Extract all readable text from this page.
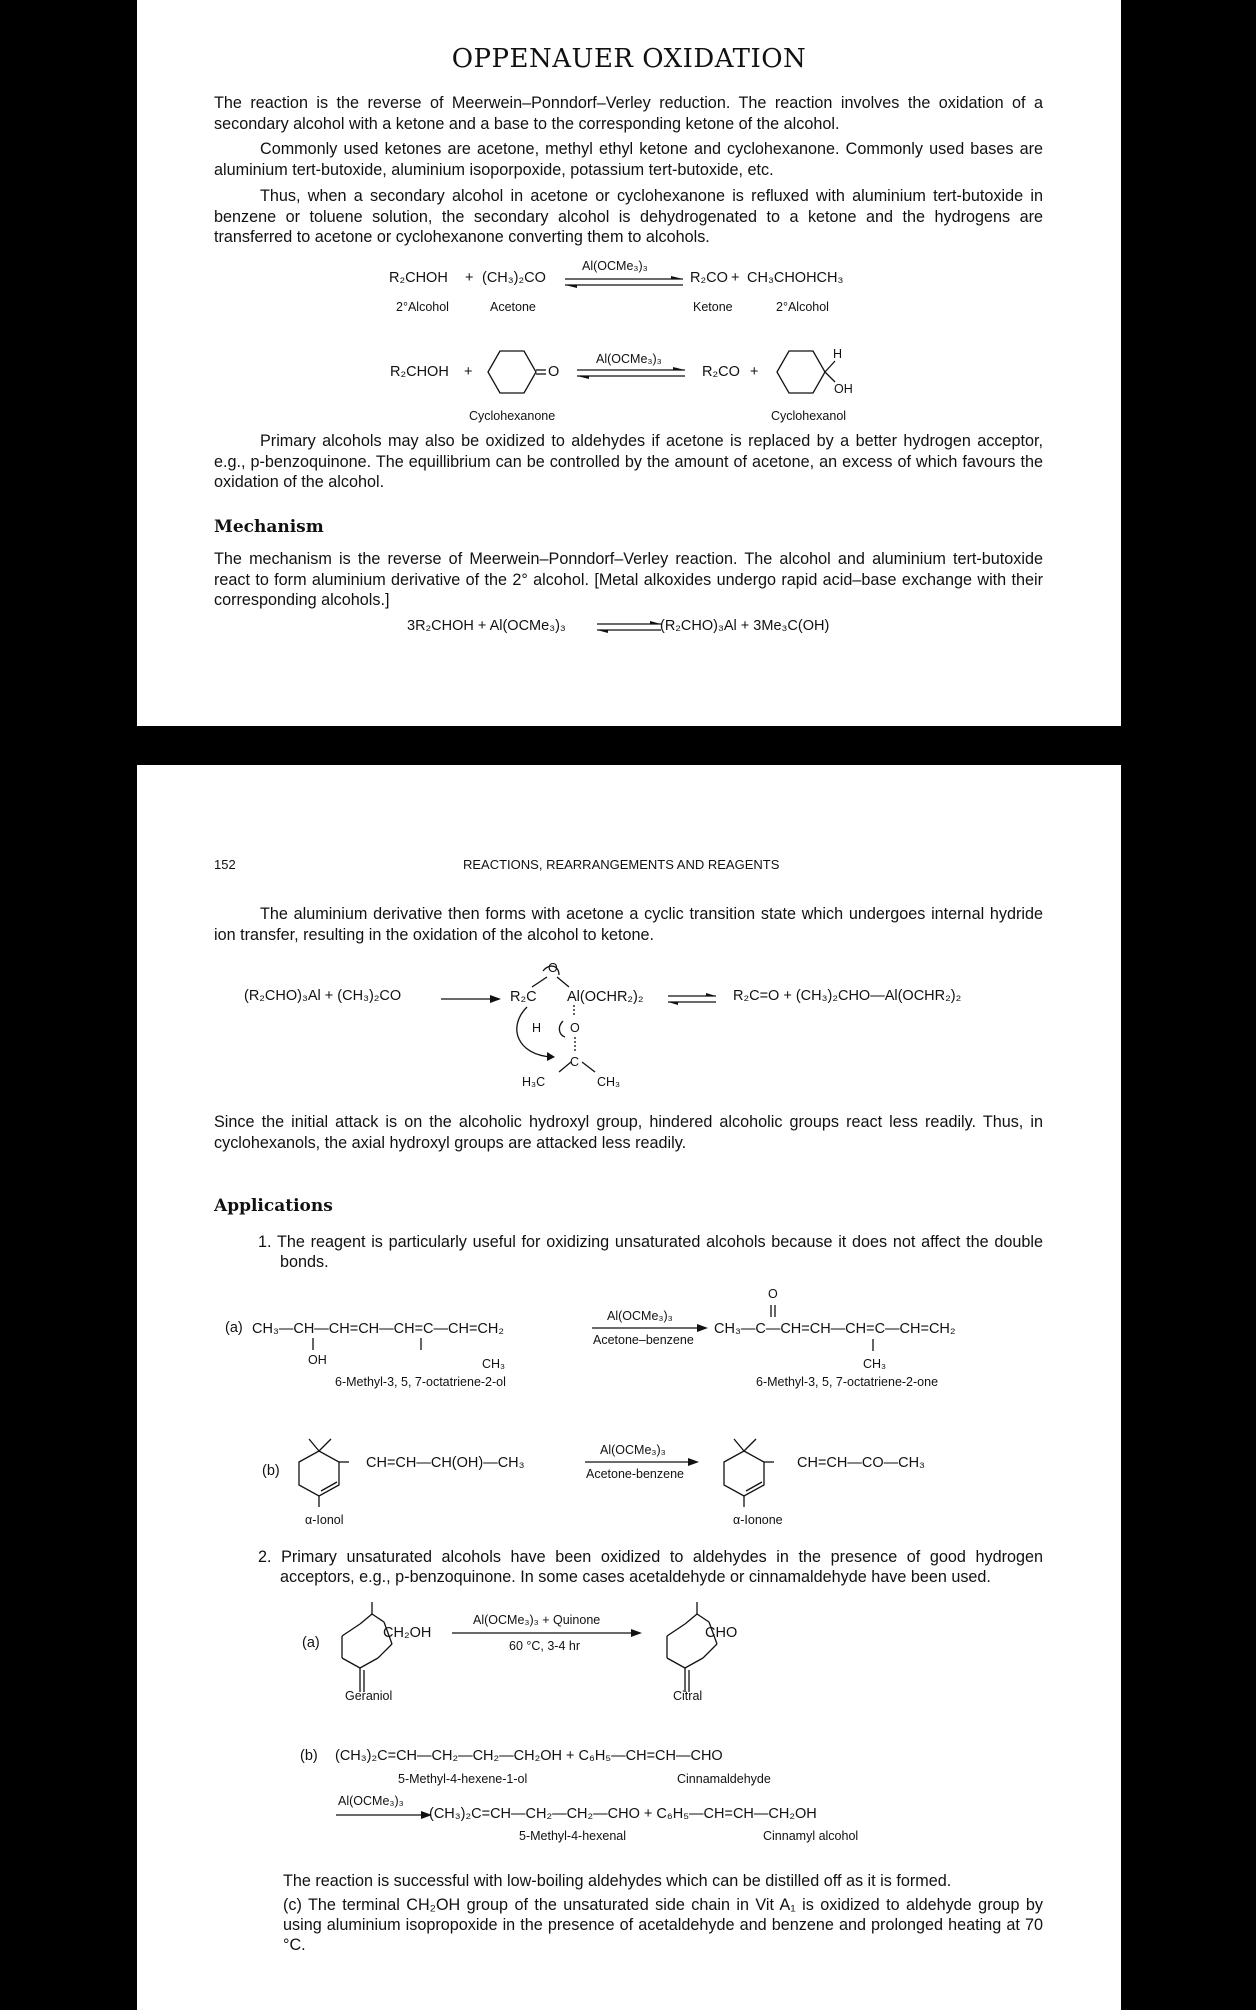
OPPENAUER OXIDATION
The reaction is the reverse of Meerwein–Ponndorf–Verley reduction. The reaction involves the oxidation of a secondary alcohol with a ketone and a base to the corresponding ketone of the alcohol.
Commonly used ketones are acetone, methyl ethyl ketone and cyclohexanone. Commonly used bases are aluminium tert-butoxide, aluminium isoporpoxide, potassium tert-butoxide, etc.
Thus, when a secondary alcohol in acetone or cyclohexanone is refluxed with aluminium tert-butoxide in benzene or toluene solution, the secondary alcohol is dehydrogenated to a ketone and the hydrogens are transferred to acetone or cyclohexanone converting them to alcohols.
R₂CHOH + (CH₃)₂CO
Al(OCMe₃)₃
R₂CO + CH₃CHOHCH₃
2°Alcohol	Acetone	Ketone	2°Alcohol
R₂CHOH +	O
Al(OCMe₃)₃
R₂CO +
H
OH
Cyclohexanone	Cyclohexanol
Primary alcohols may also be oxidized to aldehydes if acetone is replaced by a better hydrogen acceptor, e.g., p-benzoquinone. The equillibrium can be controlled by the amount of acetone, an excess of which favours the oxidation of the alcohol.
Mechanism
The mechanism is the reverse of Meerwein–Ponndorf–Verley reaction. The alcohol and aluminium tert-butoxide react to form aluminium derivative of the 2° alcohol. [Metal alkoxides undergo rapid acid–base exchange with their corresponding alcohols.]
3R₂CHOH + Al(OCMe₃)₃	(R₂CHO)₃Al + 3Me₃C(OH)
152	REACTIONS, REARRANGEMENTS AND REAGENTS
The aluminium derivative then forms with acetone a cyclic transition state which undergoes internal hydride ion transfer, resulting in the oxidation of the alcohol to ketone.
(R₂CHO)₃Al + (CH₃)₂CO
O
R₂C Al(OCHR₂)₂
H O
C
H₃C	CH₃
R₂C=O + (CH₃)₂CHO—Al(OCHR₂)₂
Since the initial attack is on the alcoholic hydroxyl group, hindered alcoholic groups react less readily. Thus, in cyclohexanols, the axial hydroxyl groups are attacked less readily.
Applications
1. The reagent is particularly useful for oxidizing unsaturated alcohols because it does not affect the double bonds.
(a) CH₃—CH—CH=CH—CH=C—CH=CH₂
OH	CH₃
Al(OCMe₃)₃
Acetone–benzene
CH₃—C—CH=CH—CH=C—CH=CH₂
O
CH₃
6-Methyl-3, 5, 7-octatriene-2-ol	6-Methyl-3, 5, 7-octatriene-2-one
(b)	CH=CH—CH(OH)—CH₃
Al(OCMe₃)₃
Acetone-benzene
CH=CH—CO—CH₃
α-Ionol	α-Ionone
2. Primary unsaturated alcohols have been oxidized to aldehydes in the presence of good hydrogen acceptors, e.g., p-benzoquinone. In some cases acetaldehyde or cinnamaldehyde have been used.
(a)
CH₂OH
Al(OCMe₃)₃ + Quinone
60 °C, 3-4 hr
CHO
Geraniol	Citral
(b) (CH₃)₂C=CH—CH₂—CH₂—CH₂OH + C₆H₅—CH=CH—CHO
5-Methyl-4-hexene-1-ol	Cinnamaldehyde
Al(OCMe₃)₃
(CH₃)₂C=CH—CH₂—CH₂—CHO + C₆H₅—CH=CH—CH₂OH
5-Methyl-4-hexenal	Cinnamyl alcohol
The reaction is successful with low-boiling aldehydes which can be distilled off as it is formed.
(c) The terminal CH₂OH group of the unsaturated side chain in Vit A₁ is oxidized to aldehyde group by using aluminium isopropoxide in the presence of acetaldehyde and benzene and prolonged heating at 70 °C.
